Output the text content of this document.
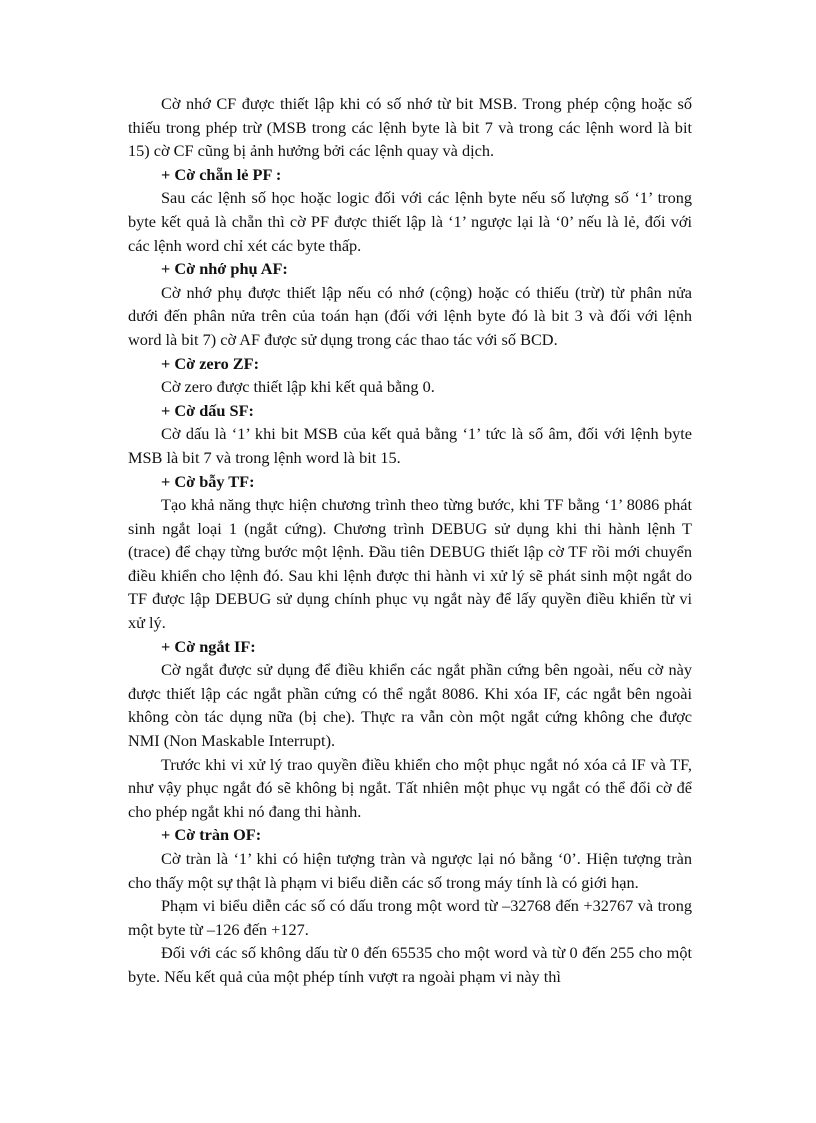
Cờ nhớ CF được thiết lập khi có số nhớ từ bit MSB. Trong phép cộng hoặc số thiếu trong phép trừ (MSB trong các lệnh byte là bit 7 và trong các lệnh word là bit 15) cờ CF cũng bị ảnh hưởng bởi các lệnh quay và dịch.

+ Cờ chẵn lẻ PF :

Sau các lệnh số học hoặc logic đối với các lệnh byte nếu số lượng số ‘1’ trong byte kết quả là chẵn thì cờ PF được thiết lập là ‘1’ ngược lại là ‘0’ nếu là lẻ, đối với các lệnh word chỉ xét các byte thấp.

+ Cờ nhớ phụ AF:

Cờ nhớ phụ được thiết lập nếu có nhớ (cộng) hoặc có thiếu (trừ) từ phân nửa dưới đến phân nửa trên của toán hạn (đối với lệnh byte đó là bit 3 và đối với lệnh word là bit 7) cờ AF được sử dụng trong các thao tác với số BCD.

+ Cờ zero ZF:

Cờ zero được thiết lập khi kết quả bằng 0.

+ Cờ dấu SF:

Cờ dấu là ‘1’ khi bit MSB của kết quả bằng ‘1’ tức là số âm, đối với lệnh byte MSB là bit 7 và trong lệnh word là bit 15.

+ Cờ bẫy TF:

Tạo khả năng thực hiện chương trình theo từng bước, khi TF bằng ‘1’ 8086 phát sinh ngắt loại 1 (ngắt cứng). Chương trình DEBUG sử dụng khi thi hành lệnh T (trace) để chạy từng bước một lệnh. Đầu tiên DEBUG thiết lập cờ TF rồi mới chuyển điều khiển cho lệnh đó. Sau khi lệnh được thi hành vi xử lý sẽ phát sinh một ngắt do TF được lập DEBUG sử dụng chính phục vụ ngắt này để lấy quyền điều khiển từ vi xử lý.

+ Cờ ngắt IF:

Cờ ngắt được sử dụng để điều khiển các ngắt phần cứng bên ngoài, nếu cờ này được thiết lập các ngắt phần cứng có thể ngắt 8086. Khi xóa IF, các ngắt bên ngoài không còn tác dụng nữa (bị che). Thực ra vẫn còn một ngắt cứng không che được NMI (Non Maskable Interrupt).

Trước khi vi xử lý trao quyền điều khiển cho một phục ngắt nó xóa cả IF và TF, như vậy phục ngắt đó sẽ không bị ngắt. Tất nhiên một phục vụ ngắt có thể đổi cờ để cho phép ngắt khi nó đang thi hành.

+ Cờ tràn OF:

Cờ tràn là ‘1’ khi có hiện tượng tràn và ngược lại nó bằng ‘0’. Hiện tượng tràn cho thấy một sự thật là phạm vi biểu diễn các số trong máy tính là có giới hạn.

Phạm vi biểu diễn các số có dấu trong một word từ –32768 đến +32767 và trong một byte từ –126 đến +127.

Đối với các số không dấu từ 0 đến 65535 cho một word và từ 0 đến 255 cho một byte. Nếu kết quả của một phép tính vượt ra ngoài phạm vi này thì
